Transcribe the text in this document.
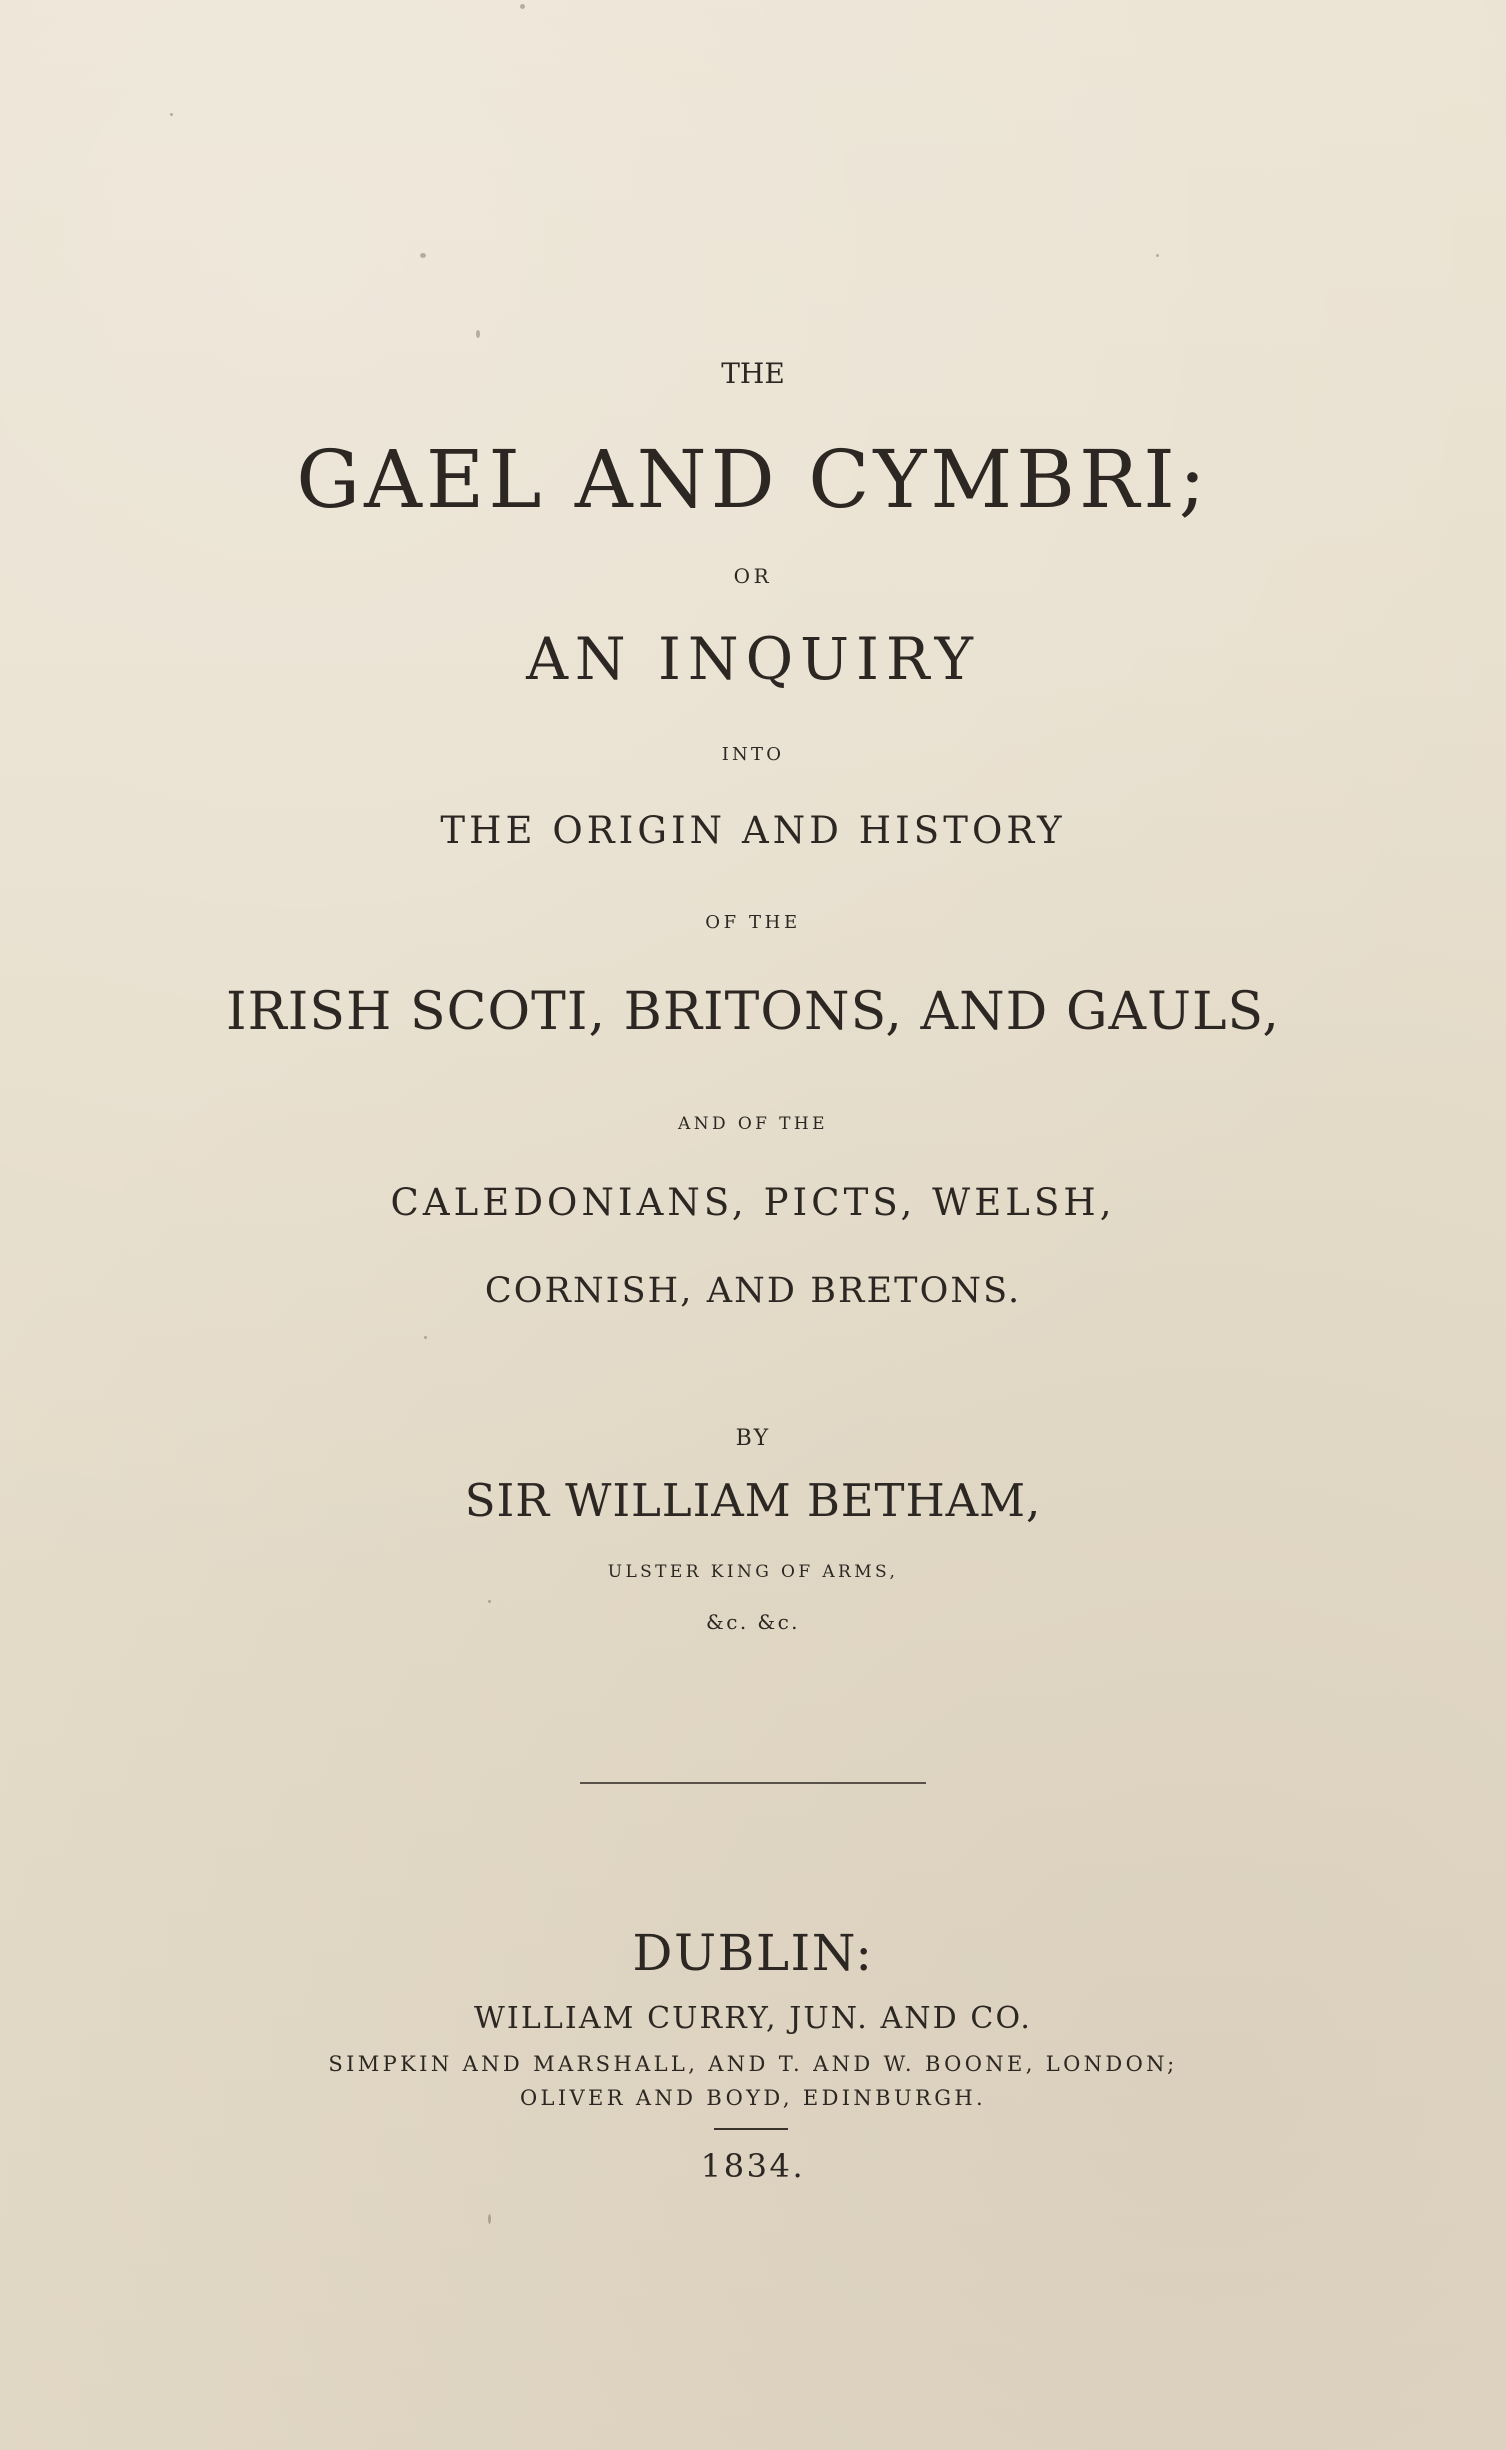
THE
GAEL AND CYMBRI;
OR
AN INQUIRY
INTO
THE ORIGIN AND HISTORY
OF THE
IRISH SCOTI, BRITONS, AND GAULS,
AND OF THE
CALEDONIANS, PICTS, WELSH,
CORNISH, AND BRETONS.
BY
SIR WILLIAM BETHAM,
ULSTER KING OF ARMS,
&c. &c.
DUBLIN:
WILLIAM CURRY, JUN. AND CO.
SIMPKIN AND MARSHALL, AND T. AND W. BOONE, LONDON;
OLIVER AND BOYD, EDINBURGH.
1834.
